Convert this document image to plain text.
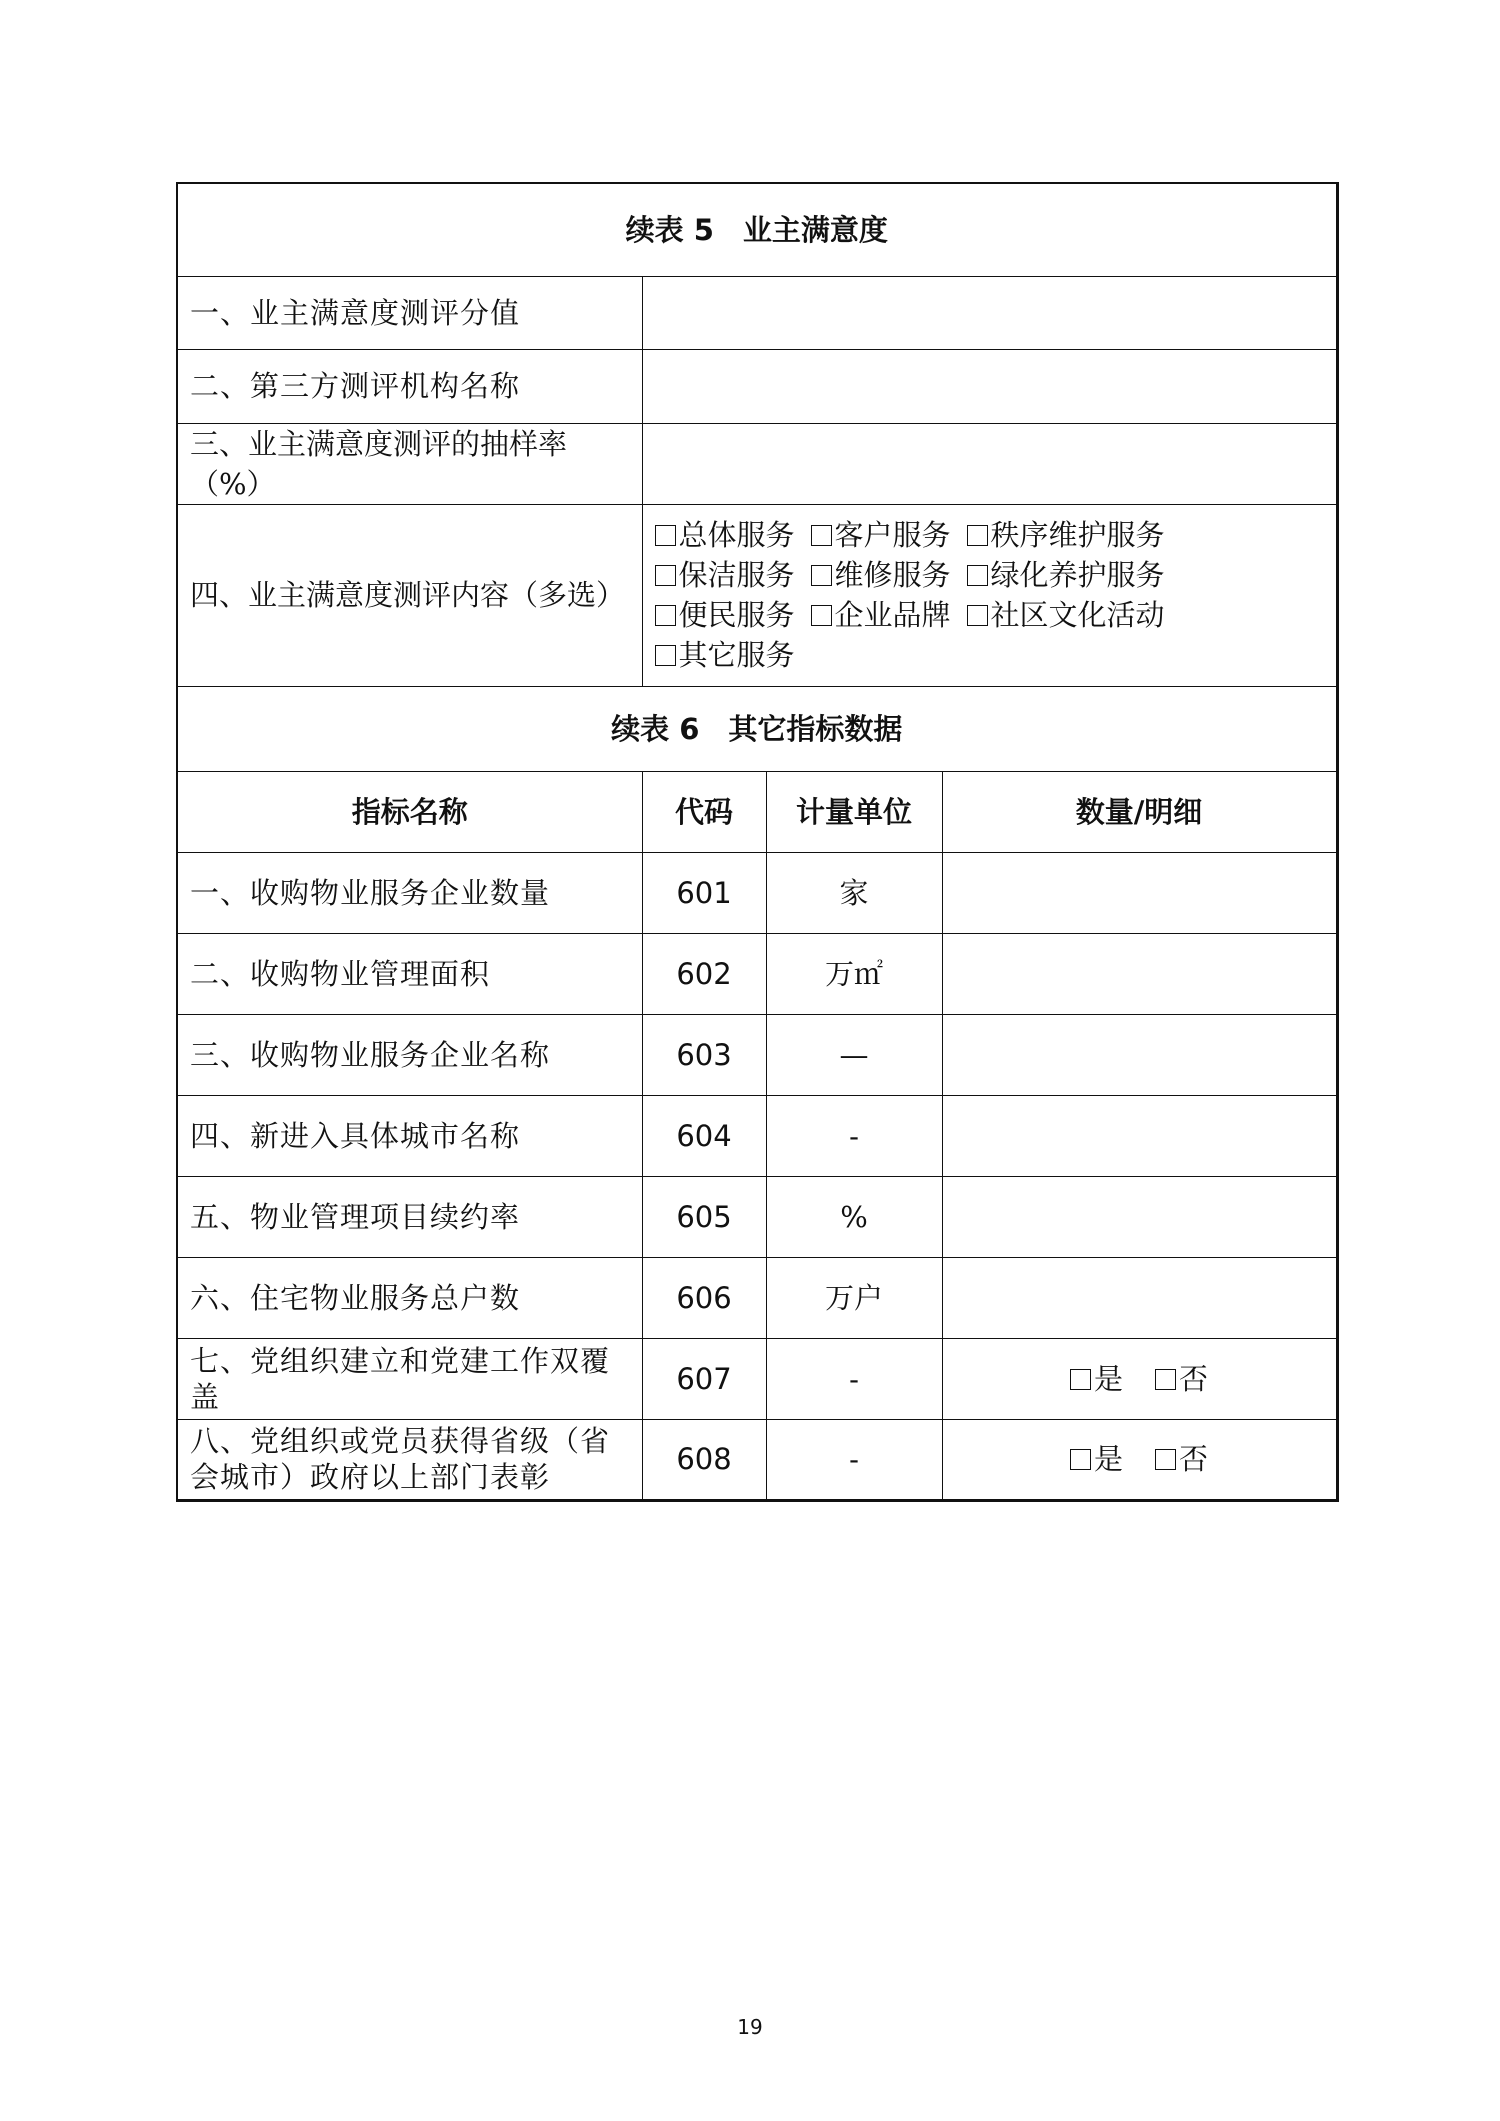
续表 5　业主满意度			
一、业主满意度测评分值			
二、第三方测评机构名称			
三、业主满意度测评的抽样率（%）			
四、业主满意度测评内容（多选）	总体服务 客户服务 秩序维护服务
保洁服务 维修服务 绿化养护服务
便民服务 企业品牌 社区文化活动
其它服务		

续表 6　其它指标数据			
指标名称	代码	计量单位	数量/明细
一、收购物业服务企业数量	601	家	
二、收购物业管理面积	602	万㎡	
三、收购物业服务企业名称	603	—	
四、新进入具体城市名称	604	-	
五、物业管理项目续约率	605	%	
六、住宅物业服务总户数	606	万户	
七、党组织建立和党建工作双覆盖	607	-	是 否
八、党组织或党员获得省级（省会城市）政府以上部门表彰	608	-	是 否
19
